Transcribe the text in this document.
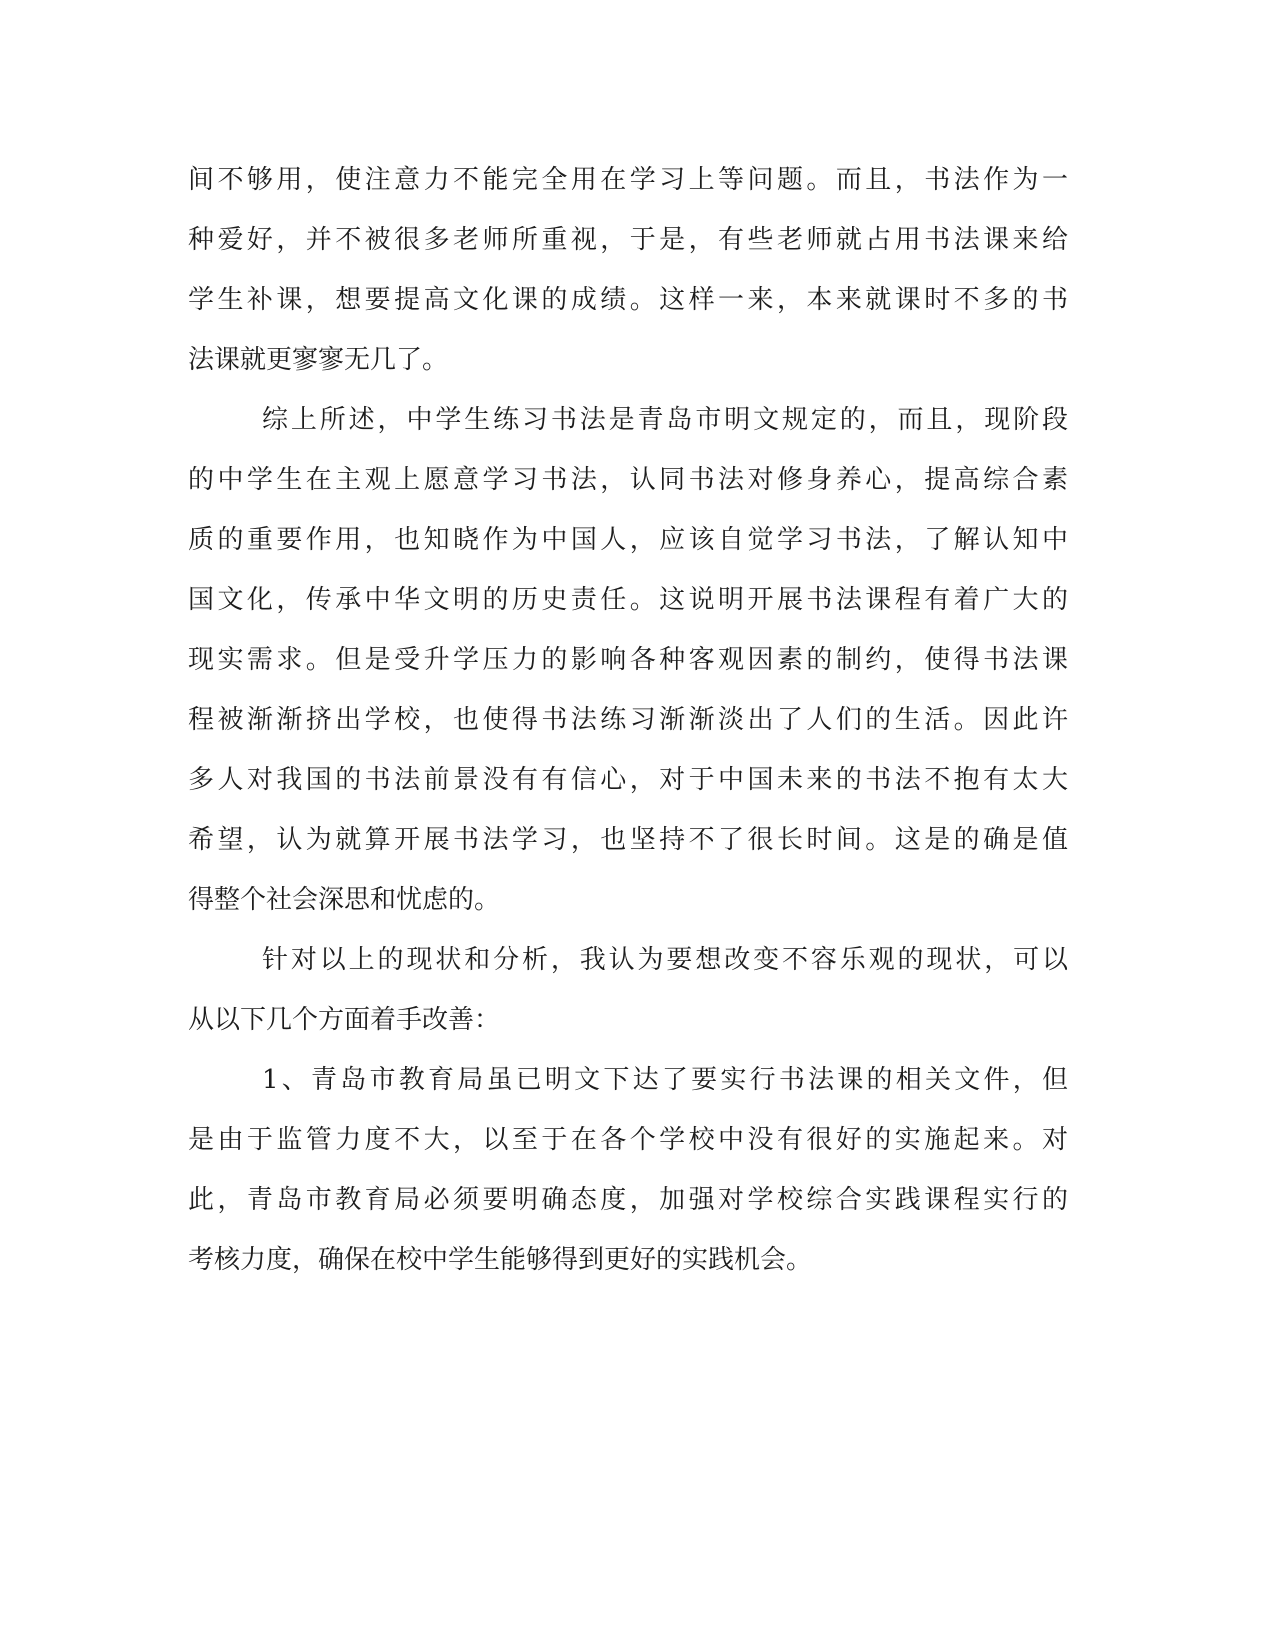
间不够用，使注意力不能完全用在学习上等问题。而且，书法作为一
种爱好，并不被很多老师所重视，于是，有些老师就占用书法课来给
学生补课，想要提高文化课的成绩。这样一来，本来就课时不多的书
法课就更寥寥无几了。
综上所述，中学生练习书法是青岛市明文规定的，而且，现阶段
的中学生在主观上愿意学习书法，认同书法对修身养心，提高综合素
质的重要作用，也知晓作为中国人，应该自觉学习书法，了解认知中
国文化，传承中华文明的历史责任。这说明开展书法课程有着广大的
现实需求。但是受升学压力的影响各种客观因素的制约，使得书法课
程被渐渐挤出学校，也使得书法练习渐渐淡出了人们的生活。因此许
多人对我国的书法前景没有有信心，对于中国未来的书法不抱有太大
希望，认为就算开展书法学习，也坚持不了很长时间。这是的确是值
得整个社会深思和忧虑的。
针对以上的现状和分析，我认为要想改变不容乐观的现状，可以
从以下几个方面着手改善：
1、青岛市教育局虽已明文下达了要实行书法课的相关文件，但
是由于监管力度不大，以至于在各个学校中没有很好的实施起来。对
此，青岛市教育局必须要明确态度，加强对学校综合实践课程实行的
考核力度，确保在校中学生能够得到更好的实践机会。
